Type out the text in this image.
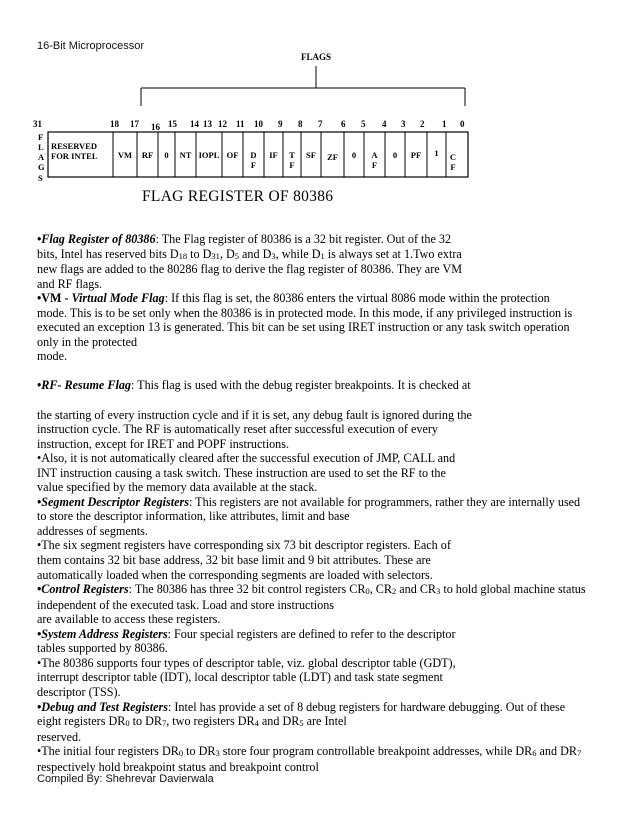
16-Bit Microprocessor
FLAGS
31	18 17 16 15 14 13 12 11 10 9 8 7 6 5 4 3 2 1 0
F
L
A
G
S
RESERVED
FOR INTEL VM RF 0 NT IOPL OF D
F
IF T
F
SF ZF 0 A
F
0 PF 1 C
F
FLAG REGISTER OF 80386

•Flag Register of 80386: The Flag register of 80386 is a 32 bit register. Out of the 32

bits, Intel has reserved bits $D_{18}$ to $D_{31}$, $D_5$ and $D_3$, while $D_1$ is always set at 1.Two extra

new flags are added to the 80286 flag to derive the flag register of 80386. They are VM

and RF flags.

•VM - Virtual Mode Flag: If this flag is set, the 80386 enters the virtual 8086 mode within the protection

mode. This is to be set only when the 80386 is in protected mode. In this mode, if any privileged instruction is

executed an exception 13 is generated. This bit can be set using IRET instruction or any task switch operation

only in the protected

mode.

•RF- Resume Flag: This flag is used with the debug register breakpoints. It is checked at

the starting of every instruction cycle and if it is set, any debug fault is ignored during the

instruction cycle. The RF is automatically reset after successful execution of every

instruction, except for IRET and POPF instructions.

•Also, it is not automatically cleared after the successful execution of JMP, CALL and

INT instruction causing a task switch. These instruction are used to set the RF to the

value specified by the memory data available at the stack.

•Segment Descriptor Registers: This registers are not available for programmers, rather they are internally used

to store the descriptor information, like attributes, limit and base

addresses of segments.

•The six segment registers have corresponding six 73 bit descriptor registers. Each of

them contains 32 bit base address, 32 bit base limit and 9 bit attributes. These are

automatically loaded when the corresponding segments are loaded with selectors.

•Control Registers: The 80386 has three 32 bit control registers $CR_0$, $CR_2$ and $CR_3$ to hold global machine status

independent of the executed task. Load and store instructions

are available to access these registers.

•System Address Registers: Four special registers are defined to refer to the descriptor

tables supported by 80386.

•The 80386 supports four types of descriptor table, viz. global descriptor table (GDT),

interrupt descriptor table (IDT), local descriptor table (LDT) and task state segment

descriptor (TSS).

•Debug and Test Registers: Intel has provide a set of 8 debug registers for hardware debugging. Out of these

eight registers $DR_0$ to $DR_7$, two registers $DR_4$ and $DR_5$ are Intel

reserved.

•The initial four registers $DR_0$ to $DR_3$ store four program controllable breakpoint addresses, while $DR_6$ and $DR_7$

respectively hold breakpoint status and breakpoint control

Compiled By: Shehrevar Davierwala
